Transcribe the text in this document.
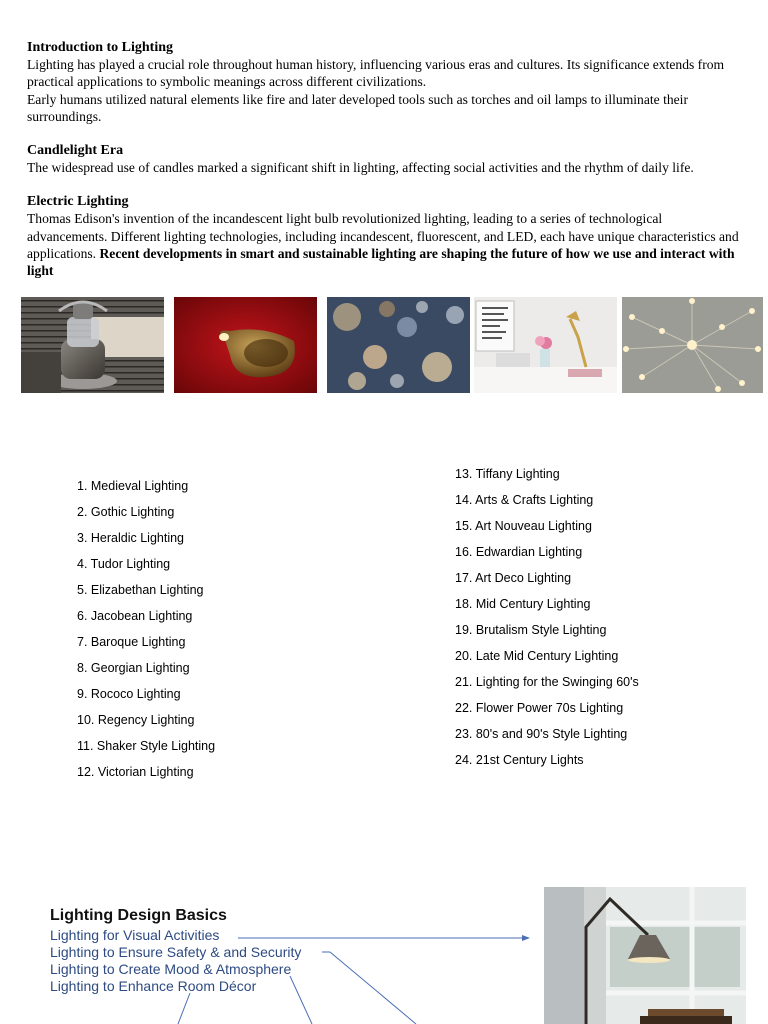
Introduction to Lighting

Lighting has played a crucial role throughout human history, influencing various eras and cultures. Its significance extends from practical applications to symbolic meanings across different civilizations.

Early humans utilized natural elements like fire and later developed tools such as torches and oil lamps to illuminate their surroundings.

Candlelight Era

The widespread use of candles marked a significant shift in lighting, affecting social activities and the rhythm of daily life.

Electric Lighting

Thomas Edison's invention of the incandescent light bulb revolutionized lighting, leading to a series of technological advancements. Different lighting technologies, including incandescent, fluorescent, and LED, each have unique characteristics and applications. Recent developments in smart and sustainable lighting are shaping the future of how we use and interact with light

1. Medieval Lighting
2. Gothic Lighting
3. Heraldic Lighting
4. Tudor Lighting
5. Elizabethan Lighting
6. Jacobean Lighting
7. Baroque Lighting
8. Georgian Lighting
9. Rococo Lighting
10. Regency Lighting
11. Shaker Style Lighting
12. Victorian Lighting
13. Tiffany Lighting
14. Arts & Crafts Lighting
15. Art Nouveau Lighting
16. Edwardian Lighting
17. Art Deco Lighting
18. Mid Century Lighting
19. Brutalism Style Lighting
20. Late Mid Century Lighting
21. Lighting for the Swinging 60's
22. Flower Power 70s Lighting
23. 80's and 90's Style Lighting
24. 21st Century Lights
Lighting Design Basics
Lighting for Visual Activities
Lighting to Ensure Safety & and Security
Lighting to Create Mood & Atmosphere
Lighting to Enhance Room Décor
